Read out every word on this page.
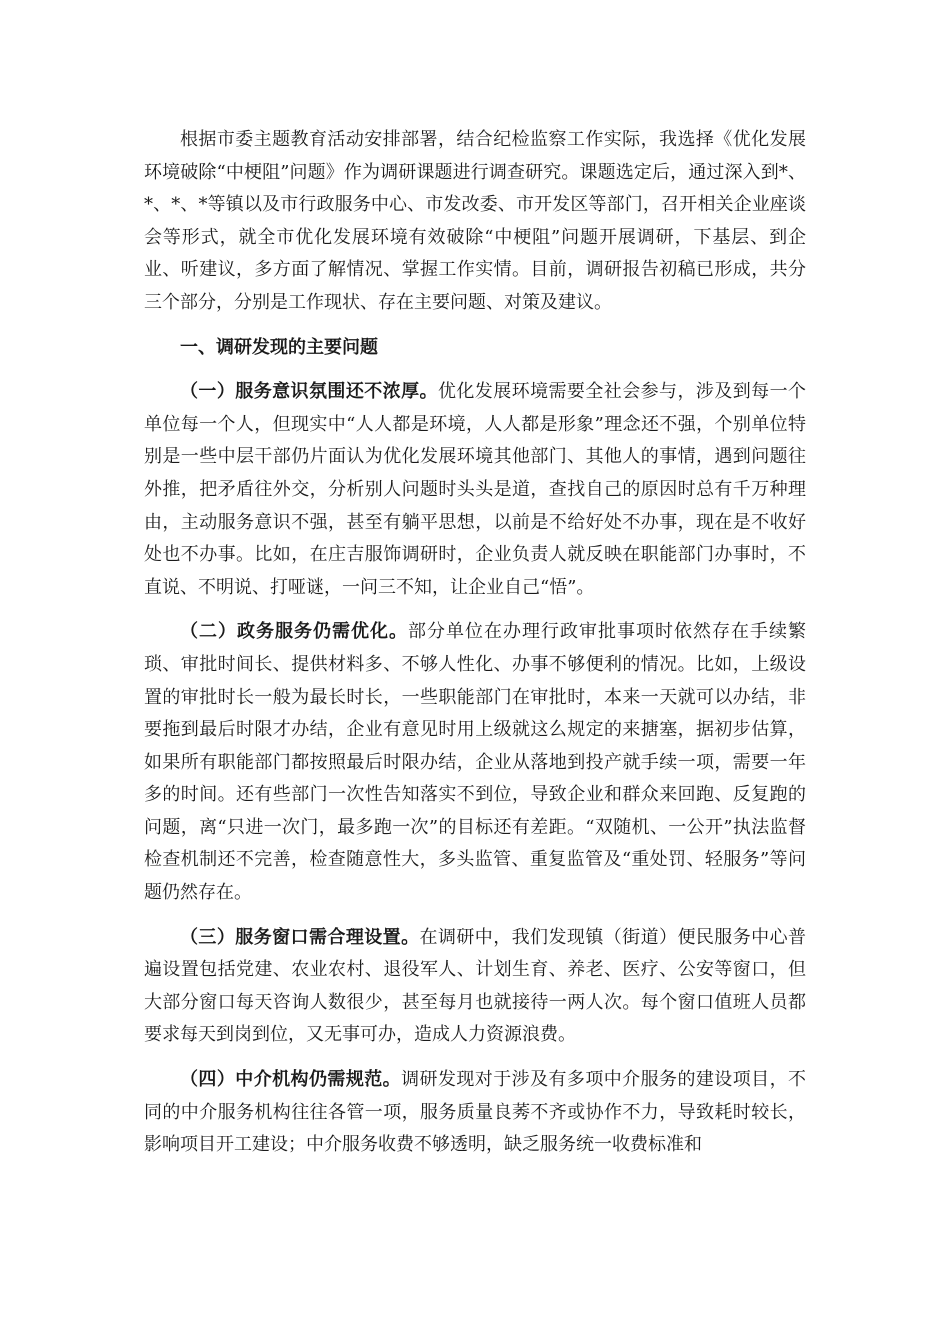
根据市委主题教育活动安排部署，结合纪检监察工作实际，我选择《优化发展环境破除“中梗阻”问题》作为调研课题进行调查研究。课题选定后，通过深入到*、*、*、*等镇以及市行政服务中心、市发改委、市开发区等部门，召开相关企业座谈会等形式，就全市优化发展环境有效破除“中梗阻”问题开展调研，下基层、到企业、听建议，多方面了解情况、掌握工作实情。目前，调研报告初稿已形成，共分三个部分，分别是工作现状、存在主要问题、对策及建议。

一、调研发现的主要问题

（一）服务意识氛围还不浓厚。优化发展环境需要全社会参与，涉及到每一个单位每一个人，但现实中“人人都是环境，人人都是形象”理念还不强，个别单位特别是一些中层干部仍片面认为优化发展环境其他部门、其他人的事情，遇到问题往外推，把矛盾往外交，分析别人问题时头头是道，查找自己的原因时总有千万种理由，主动服务意识不强，甚至有躺平思想，以前是不给好处不办事，现在是不收好处也不办事。比如，在庄吉服饰调研时，企业负责人就反映在职能部门办事时，不直说、不明说、打哑谜，一问三不知，让企业自己“悟”。

（二）政务服务仍需优化。部分单位在办理行政审批事项时依然存在手续繁琐、审批时间长、提供材料多、不够人性化、办事不够便利的情况。比如，上级设置的审批时长一般为最长时长，一些职能部门在审批时，本来一天就可以办结，非要拖到最后时限才办结，企业有意见时用上级就这么规定的来搪塞，据初步估算，如果所有职能部门都按照最后时限办结，企业从落地到投产就手续一项，需要一年多的时间。还有些部门一次性告知落实不到位，导致企业和群众来回跑、反复跑的问题，离“只进一次门，最多跑一次”的目标还有差距。“双随机、一公开”执法监督检查机制还不完善，检查随意性大，多头监管、重复监管及“重处罚、轻服务”等问题仍然存在。

（三）服务窗口需合理设置。在调研中，我们发现镇（街道）便民服务中心普遍设置包括党建、农业农村、退役军人、计划生育、养老、医疗、公安等窗口，但大部分窗口每天咨询人数很少，甚至每月也就接待一两人次。每个窗口值班人员都要求每天到岗到位，又无事可办，造成人力资源浪费。

（四）中介机构仍需规范。调研发现对于涉及有多项中介服务的建设项目，不同的中介服务机构往往各管一项，服务质量良莠不齐或协作不力，导致耗时较长，影响项目开工建设；中介服务收费不够透明，缺乏服务统一收费标准和
